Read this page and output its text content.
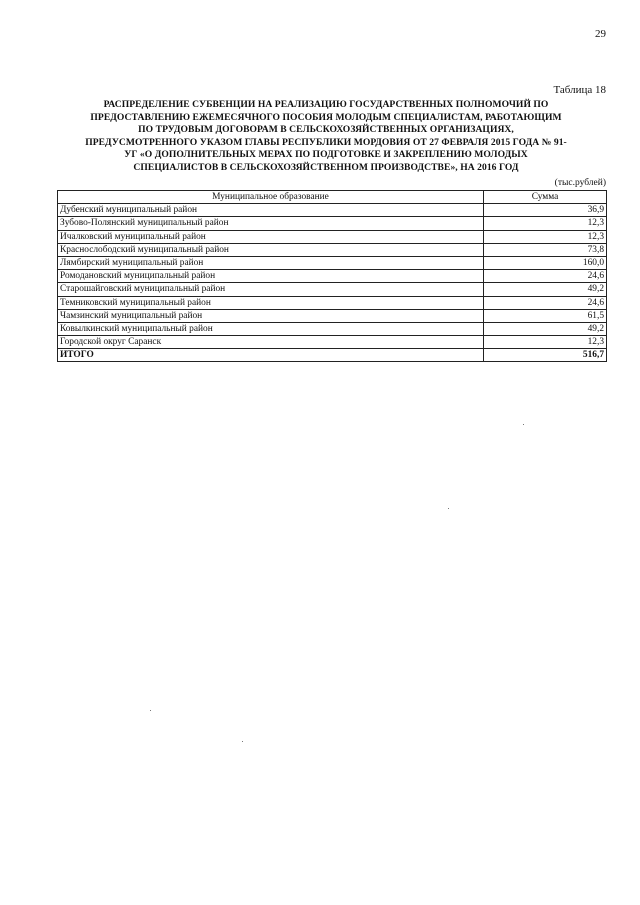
29
Таблица 18
РАСПРЕДЕЛЕНИЕ СУБВЕНЦИИ НА РЕАЛИЗАЦИЮ ГОСУДАРСТВЕННЫХ ПОЛНОМОЧИЙ ПО
ПРЕДОСТАВЛЕНИЮ ЕЖЕМЕСЯЧНОГО ПОСОБИЯ МОЛОДЫМ СПЕЦИАЛИСТАМ, РАБОТАЮЩИМ
ПО ТРУДОВЫМ ДОГОВОРАМ В СЕЛЬСКОХОЗЯЙСТВЕННЫХ ОРГАНИЗАЦИЯХ,
ПРЕДУСМОТРЕННОГО УКАЗОМ ГЛАВЫ РЕСПУБЛИКИ МОРДОВИЯ ОТ 27 ФЕВРАЛЯ 2015 ГОДА № 91-
УГ «О ДОПОЛНИТЕЛЬНЫХ МЕРАХ ПО ПОДГОТОВКЕ И ЗАКРЕПЛЕНИЮ МОЛОДЫХ
СПЕЦИАЛИСТОВ В СЕЛЬСКОХОЗЯЙСТВЕННОМ ПРОИЗВОДСТВЕ», НА 2016 ГОД
(тыс.рублей)
Муниципальное образование	Сумма
Дубенский муниципальный район	36,9
Зубово-Полянский муниципальный район	12,3
Ичалковский муниципальный район	12,3
Краснослободский муниципальный район	73,8
Лямбирский муниципальный район	160,0
Ромодановский муниципальный район	24,6
Старошайговский муниципальный район	49,2
Темниковский муниципальный район	24,6
Чамзинский муниципальный район	61,5
Ковылкинский муниципальный район	49,2
Городской округ Саранск	12,3
ИТОГО	516,7
